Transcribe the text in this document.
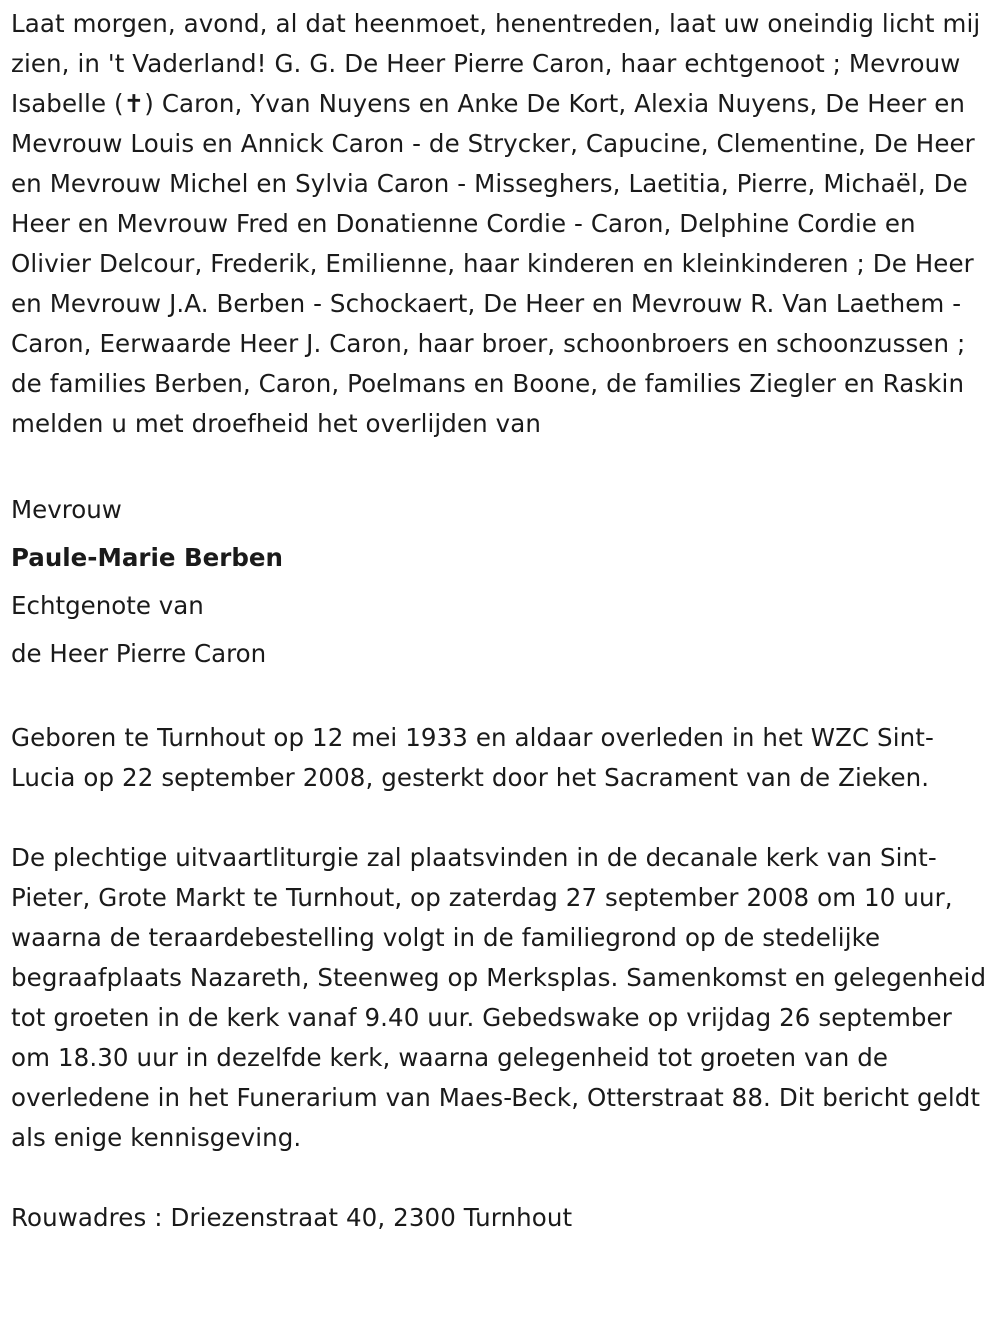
Laat morgen, avond, al dat heenmoet, henentreden, laat uw oneindig licht mij zien, in 't Vaderland! G. G. De Heer Pierre Caron, haar echtgenoot ; Mevrouw Isabelle (✝) Caron, Yvan Nuyens en Anke De Kort, Alexia Nuyens, De Heer en Mevrouw Louis en Annick Caron - de Strycker, Capucine, Clementine, De Heer en Mevrouw Michel en Sylvia Caron - Misseghers, Laetitia, Pierre, Michaël, De Heer en Mevrouw Fred en Donatienne Cordie - Caron, Delphine Cordie en Olivier Delcour, Frederik, Emilienne, haar kinderen en kleinkinderen ; De Heer en Mevrouw J.A. Berben - Schockaert, De Heer en Mevrouw R. Van Laethem - Caron, Eerwaarde Heer J. Caron, haar broer, schoonbroers en schoonzussen ; de families Berben, Caron, Poelmans en Boone, de families Ziegler en Raskin melden u met droefheid het overlijden van

Mevrouw

Paule-Marie Berben

Echtgenote van

de Heer Pierre Caron

Geboren te Turnhout op 12 mei 1933 en aldaar overleden in het WZC Sint-Lucia op 22 september 2008, gesterkt door het Sacrament van de Zieken.

De plechtige uitvaartliturgie zal plaatsvinden in de decanale kerk van Sint-Pieter, Grote Markt te Turnhout, op zaterdag 27 september 2008 om 10 uur, waarna de teraardebestelling volgt in de familiegrond op de stedelijke begraafplaats Nazareth, Steenweg op Merksplas. Samenkomst en gelegenheid tot groeten in de kerk vanaf 9.40 uur. Gebedswake op vrijdag 26 september om 18.30 uur in dezelfde kerk, waarna gelegenheid tot groeten van de overledene in het Funerarium van Maes-Beck, Otterstraat 88. Dit bericht geldt als enige kennisgeving.

Rouwadres : Driezenstraat 40, 2300 Turnhout
